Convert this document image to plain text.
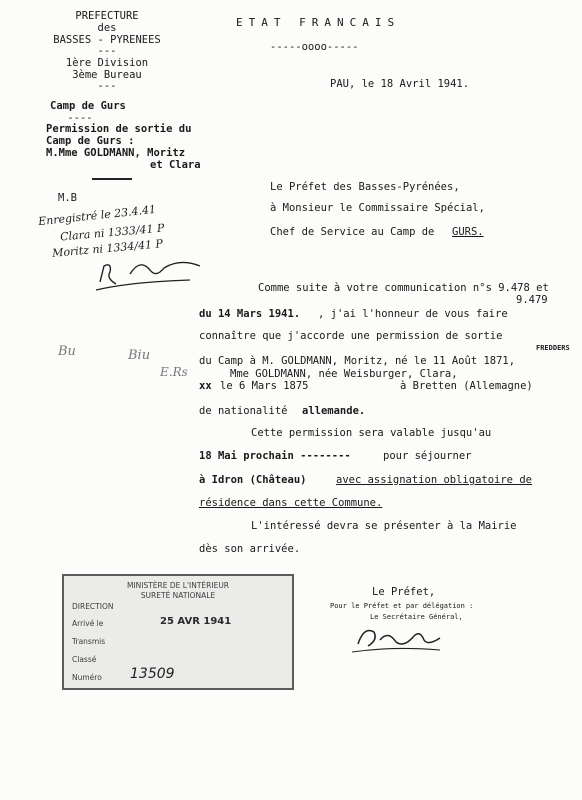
PREFECTURE
des
BASSES - PYRENEES
---
1ère Division
3ème Bureau
---
Camp de Gurs
----
Permission de sortie du
Camp de Gurs :
M.Mme GOLDMANN, Moritz
et Clara
M.B
Enregistré le 23.4.41
Clara ni 1333/41 P
Moritz ni 1334/41 P
Bu	Biu
E.Rs
ETAT FRANCAIS
-----oooo-----
PAU, le 18 Avril 1941.
Le Préfet des Basses-Pyrénées,
à Monsieur le Commissaire Spécial,
Chef de Service au Camp de GURS.
Comme suite à votre communication n°s 9.478 et
9.479
du 14 Mars 1941. , j'ai l'honneur de vous faire
connaître que j'accorde une permission de sortie
FREDDERS
du Camp à M. GOLDMANN, Moritz, né le 11 Août 1871,
Mme GOLDMANN, née Weisburger, Clara,
xx le 6 Mars 1875	à Bretten (Allemagne)
de nationalité allemande.
Cette permission sera valable jusqu'au
18 Mai prochain --------	pour séjourner
à Idron (Château)	avec assignation obligatoire de
résidence dans cette Commune.
L'intéressé devra se présenter à la Mairie
dès son arrivée.
Le Préfet,
Pour le Préfet et par délégation :
Le Secrétaire Général,
MINISTÈRE DE L'INTÉRIEUR
SURETÉ NATIONALE
DIRECTION
Arrivé le	25 AVR 1941
Transmis
Classé
Numéro 13509
